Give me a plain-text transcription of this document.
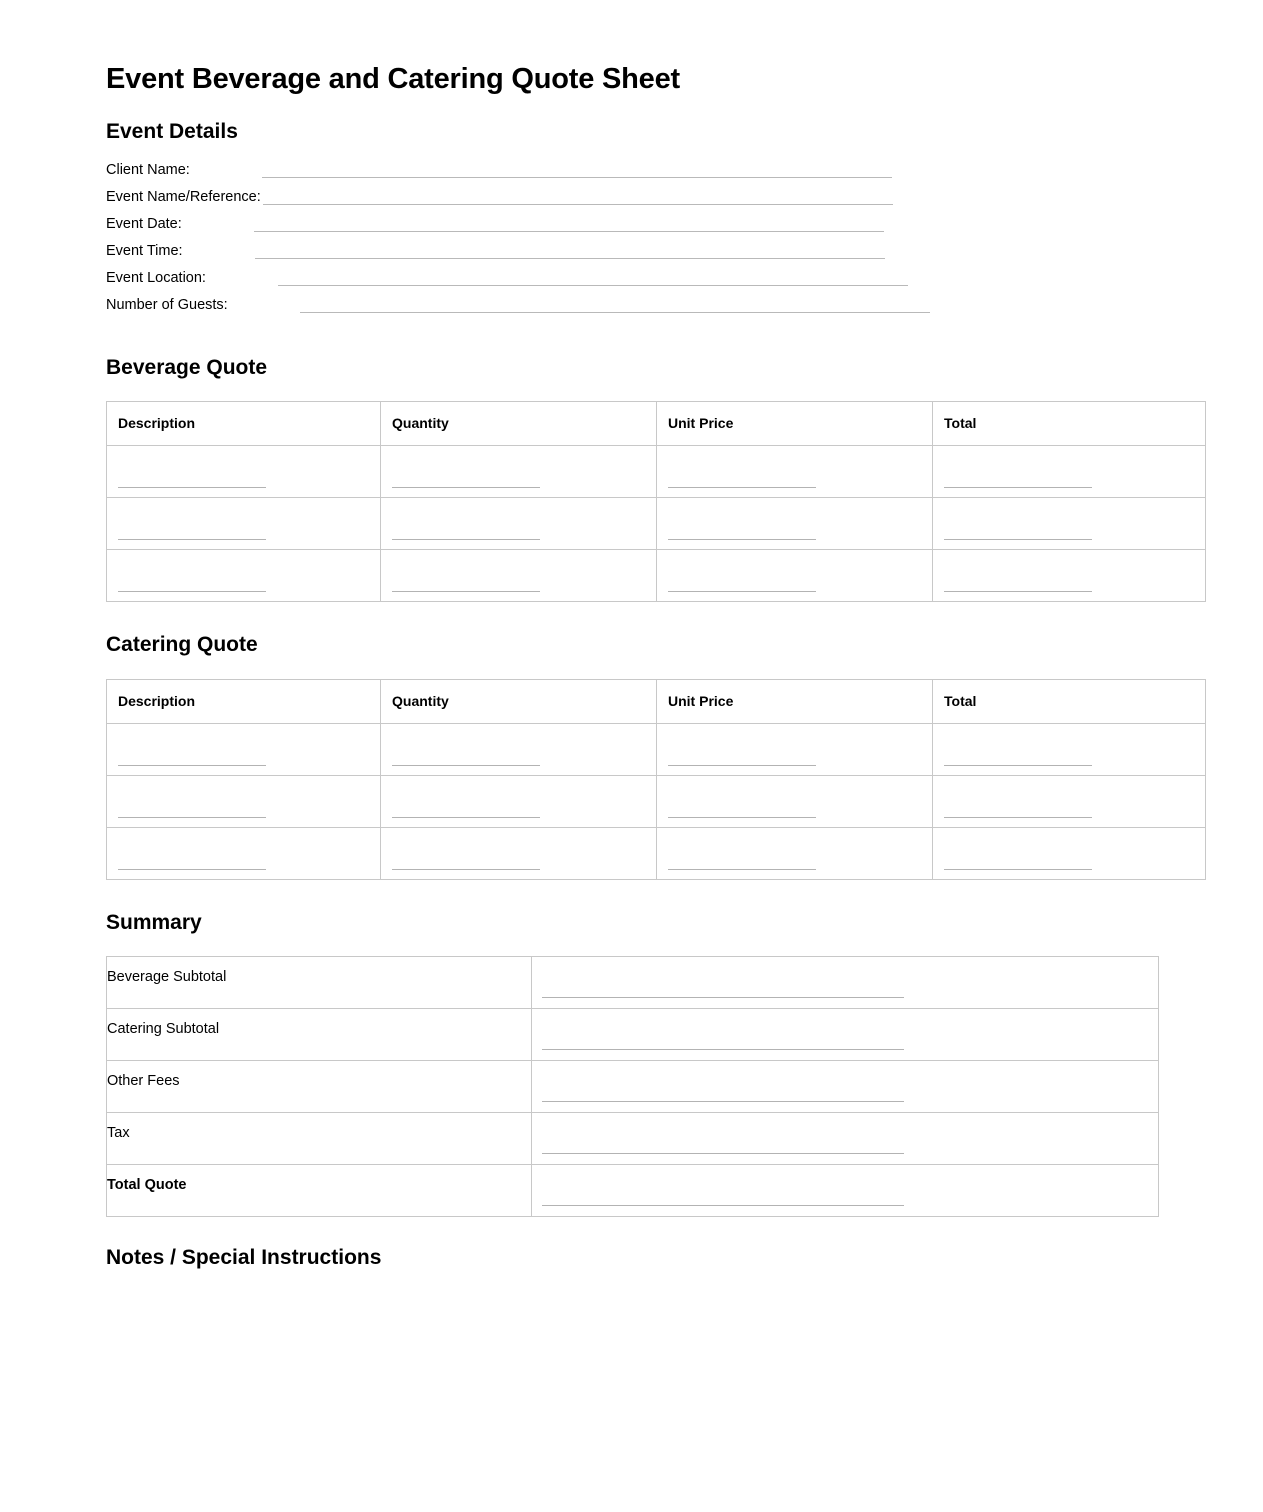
Event Beverage and Catering Quote Sheet
Event Details
Client Name:
Event Name/Reference:
Event Date:
Event Time:
Event Location:
Number of Guests:
Beverage Quote
Description	Quantity	Unit Price	Total

Catering Quote
Description	Quantity	Unit Price	Total

Summary
Beverage Subtotal	

Catering Subtotal	

Other Fees	

Tax	

Total Quote	
Notes / Special Instructions
